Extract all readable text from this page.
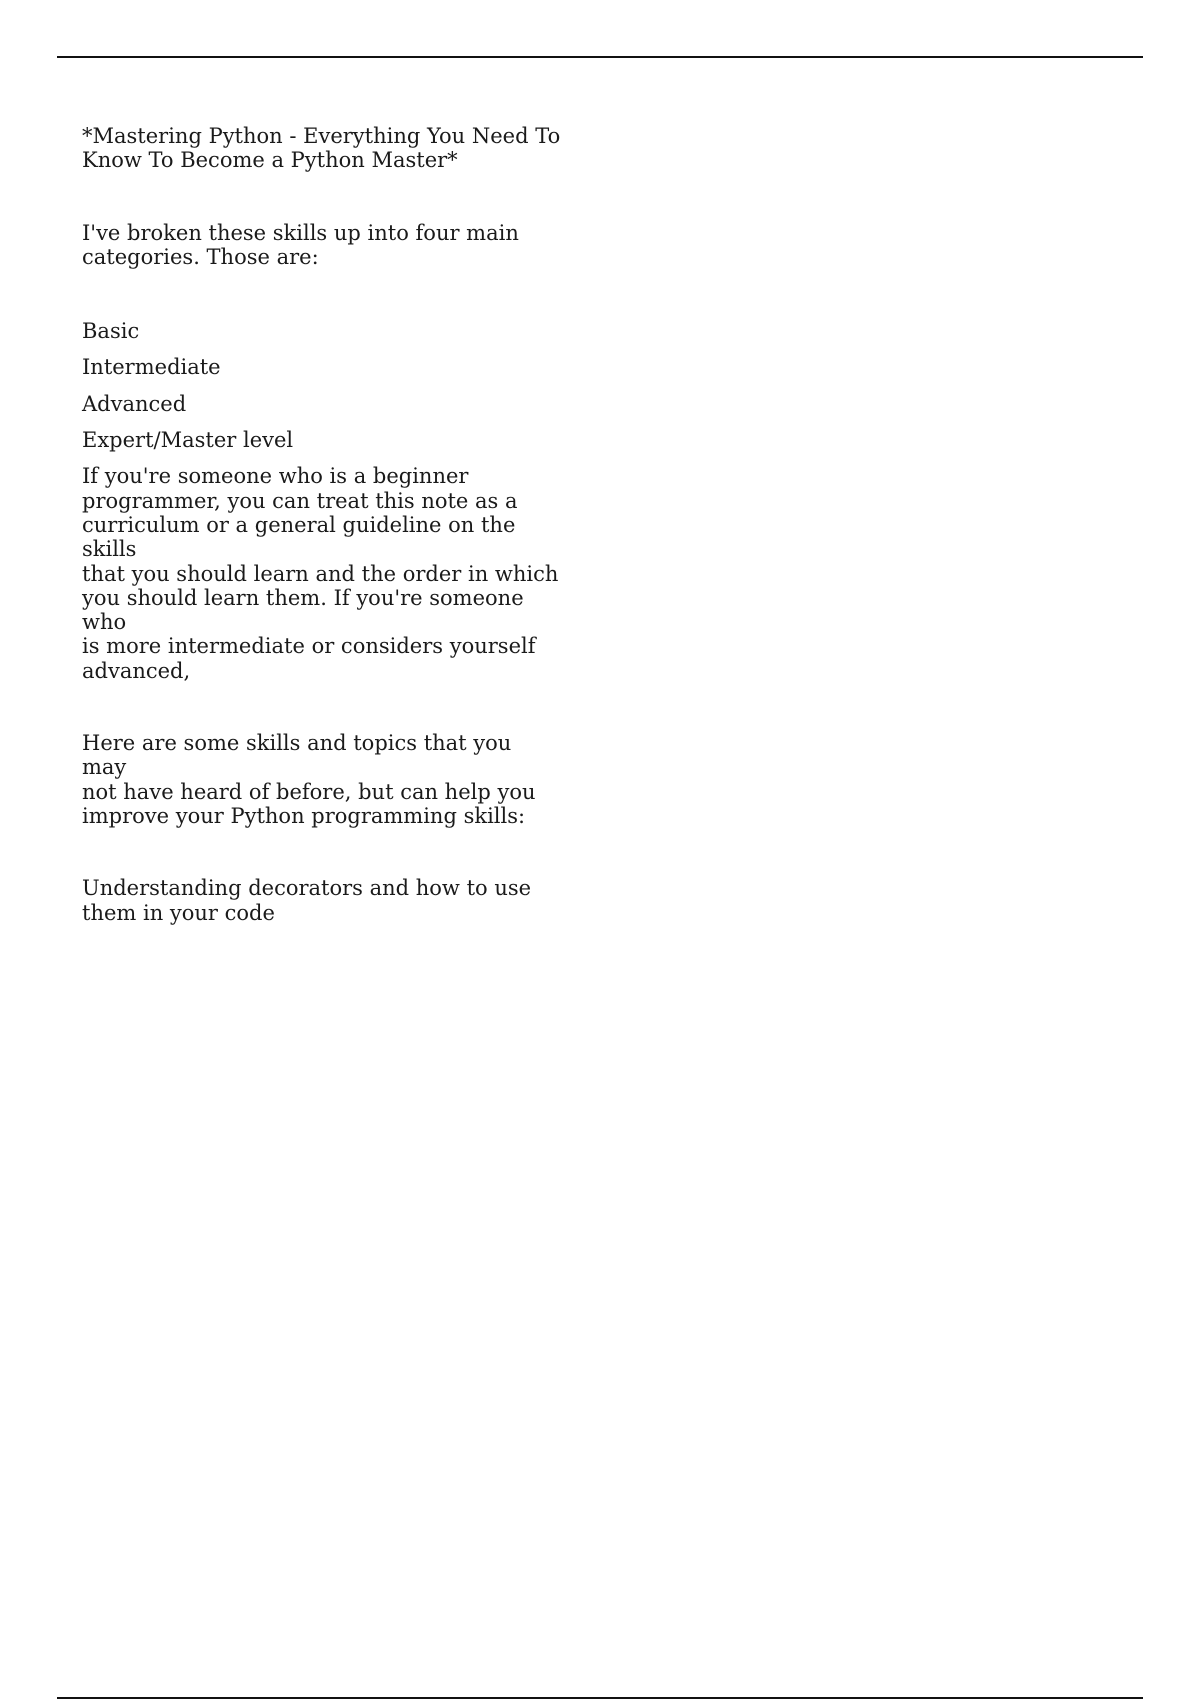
*Mastering Python - Everything You Need To
Know To Become a Python Master*

I've broken these skills up into four main
categories. Those are:

Basic

Intermediate

Advanced

Expert/Master level

If you're someone who is a beginner
programmer, you can treat this note as a
curriculum or a general guideline on the skills
that you should learn and the order in which
you should learn them. If you're someone who
is more intermediate or considers yourself
advanced,

Here are some skills and topics that you may
not have heard of before, but can help you
improve your Python programming skills:

Understanding decorators and how to use
them in your code
